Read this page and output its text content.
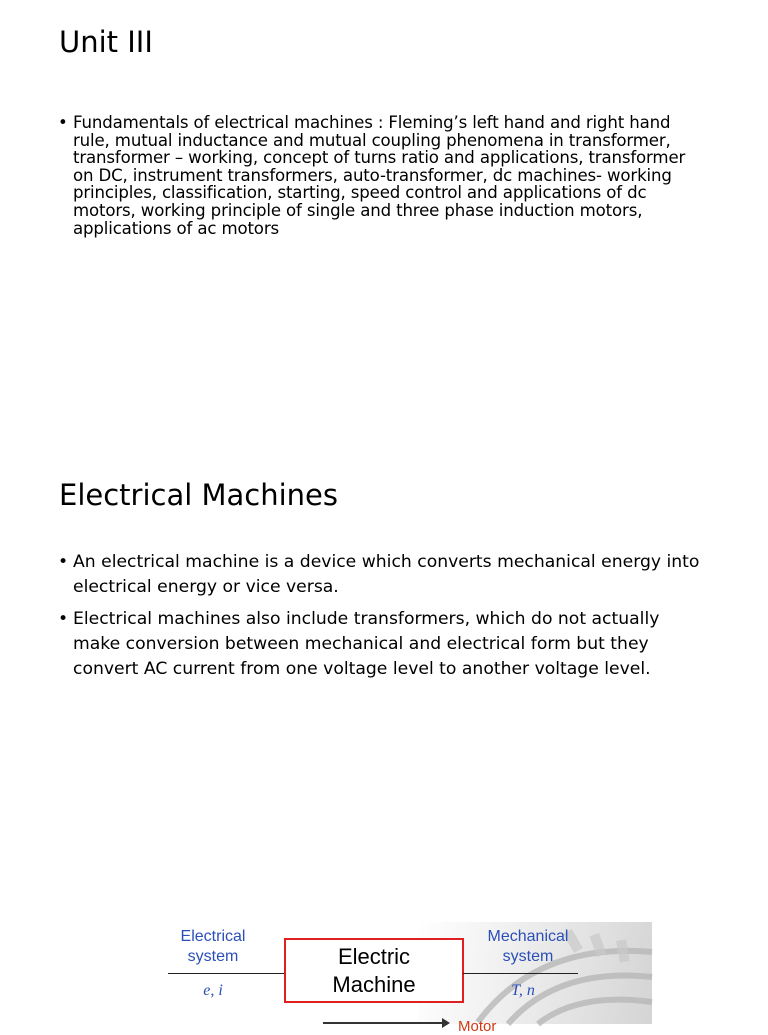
Unit III
• Fundamentals of electrical machines : Fleming’s left hand and right hand rule, mutual inductance and mutual coupling phenomena in transformer, transformer – working, concept of turns ratio and applications, transformer on DC, instrument transformers, auto-transformer, dc machines- working principles, classification, starting, speed control and applications of dc motors, working principle of single and three phase induction motors, applications of ac motors
Electrical Machines
• An electrical machine is a device which converts mechanical energy into electrical energy or vice versa.
• Electrical machines also include transformers, which do not actually make conversion between mechanical and electrical form but they convert AC current from one voltage level to another voltage level.
Electrical
system
e, i
Electric
Machine
Mechanical
system
T, n
Motor
